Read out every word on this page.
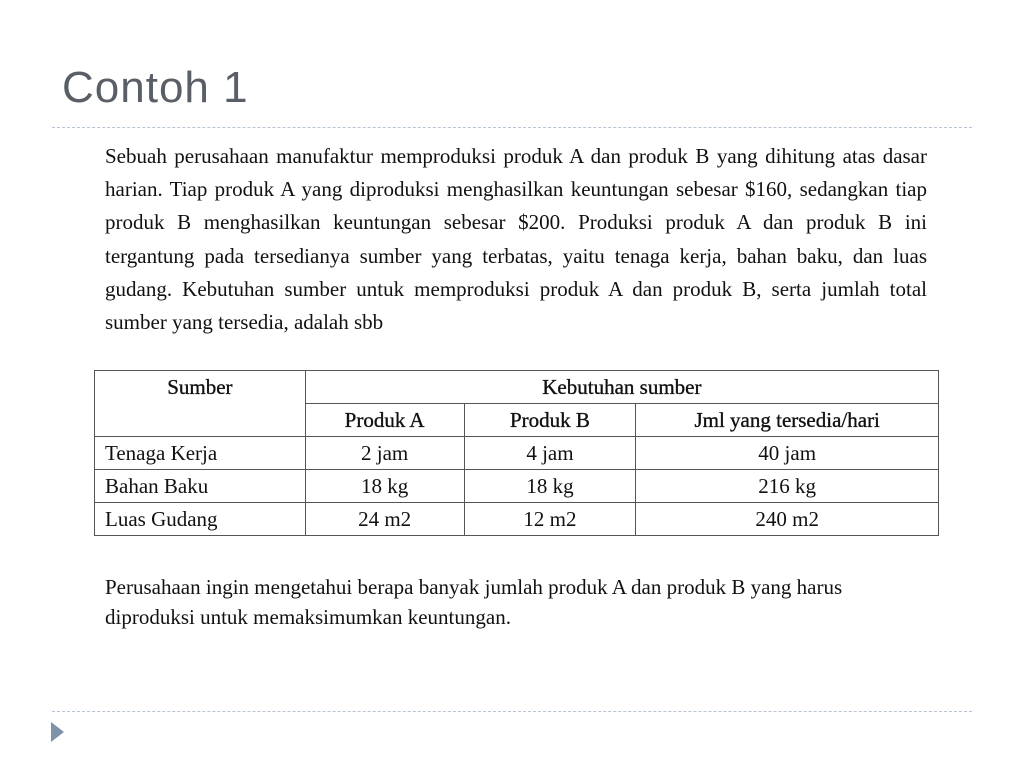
Contoh 1
Sebuah perusahaan manufaktur memproduksi produk A dan produk B yang dihitung atas dasar harian. Tiap produk A yang diproduksi menghasilkan keuntungan sebesar $160, sedangkan tiap produk B menghasilkan keuntungan sebesar $200. Produksi produk A dan produk B ini tergantung pada tersedianya sumber yang terbatas, yaitu tenaga kerja, bahan baku, dan luas gudang. Kebutuhan sumber untuk memproduksi produk A dan produk B, serta jumlah total sumber yang tersedia, adalah sbb
Sumber	Kebutuhan sumber		
	Produk A	Produk B	Jml yang tersedia/hari
Tenaga Kerja	2 jam	4 jam	40 jam
Bahan Baku	18 kg	18 kg	216 kg
Luas Gudang	24 m2	12 m2	240 m2
Perusahaan ingin mengetahui berapa banyak jumlah produk A dan produk B yang harus diproduksi untuk memaksimumkan keuntungan.
